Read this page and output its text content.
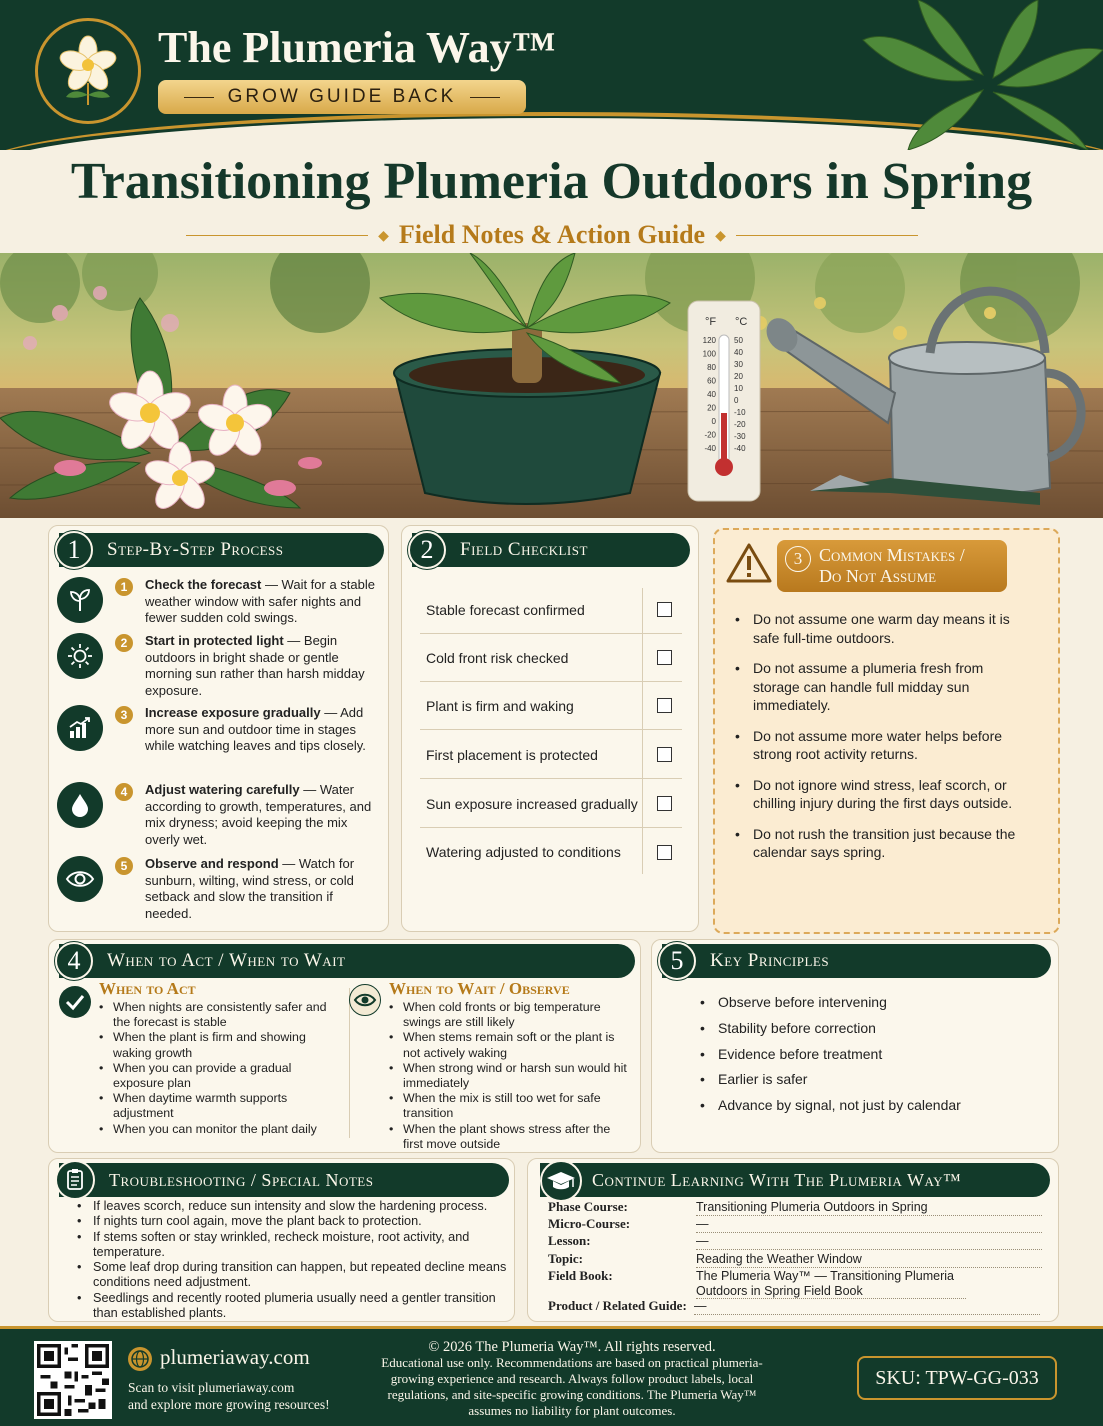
The Plumeria Way™
GROW GUIDE BACK
Transitioning Plumeria Outdoors in Spring
◆ Field Notes & Action Guide ◆
°F °C
120
100
80
60
40
20
0
-20
-40
50
40
30
20
10
0
-10
-20
-30
-40
Step-By-Step Process
1
1	Check the forecast — Wait for a stable weather window with safer nights and fewer sudden cold swings.
2	Start in protected light — Begin outdoors in bright shade or gentle morning sun rather than harsh midday exposure.
3	Increase exposure gradually — Add more sun and outdoor time in stages while watching leaves and tips closely.
4	Adjust watering carefully — Water according to growth, temperatures, and mix dryness; avoid keeping the mix overly wet.
5	Observe and respond — Watch for sunburn, wilting, wind stress, or cold setback and slow the transition if needed.
Field Checklist
2
Stable forecast confirmed
Cold front risk checked
Plant is firm and waking
First placement is protected
Sun exposure increased gradually
Watering adjusted to conditions
Common Mistakes /
Do Not Assume
3
• Do not assume one warm day means it is safe full-time outdoors.
• Do not assume a plumeria fresh from storage can handle full midday sun immediately.
• Do not assume more water helps before strong root activity returns.
• Do not ignore wind stress, leaf scorch, or chilling injury during the first days outside.
• Do not rush the transition just because the calendar says spring.
When to Act / When to Wait
4
When to Act
• When nights are consistently safer and the forecast is stable
• When the plant is firm and showing waking growth
• When you can provide a gradual exposure plan
• When daytime warmth supports adjustment
• When you can monitor the plant daily
When to Wait / Observe
• When cold fronts or big temperature swings are still likely
• When stems remain soft or the plant is not actively waking
• When strong wind or harsh sun would hit immediately
• When the mix is still too wet for safe transition
• When the plant shows stress after the first move outside
Key Principles
5
• Observe before intervening
• Stability before correction
• Evidence before treatment
• Earlier is safer
• Advance by signal, not just by calendar
Troubleshooting / Special Notes
• If leaves scorch, reduce sun intensity and slow the hardening process.
• If nights turn cool again, move the plant back to protection.
• If stems soften or stay wrinkled, recheck moisture, root activity, and temperature.
• Some leaf drop during transition can happen, but repeated decline means conditions need adjustment.
• Seedlings and recently rooted plumeria usually need a gentler transition than established plants.
Continue Learning With The Plumeria Way™
Phase Course:	Transitioning Plumeria Outdoors in Spring
Micro-Course:	—
Lesson:	—
Topic:	Reading the Weather Window
Field Book:	The Plumeria Way™ — Transitioning Plumeria Outdoors in Spring Field Book
Product / Related Guide: —
plumeriaway.com
Scan to visit plumeriaway.com
and explore more growing resources!
© 2026 The Plumeria Way™. All rights reserved.
Educational use only. Recommendations are based on practical plumeria-growing experience and research. Always follow product labels, local regulations, and site-specific growing conditions. The Plumeria Way™ assumes no liability for plant outcomes.
SKU: TPW-GG-033
